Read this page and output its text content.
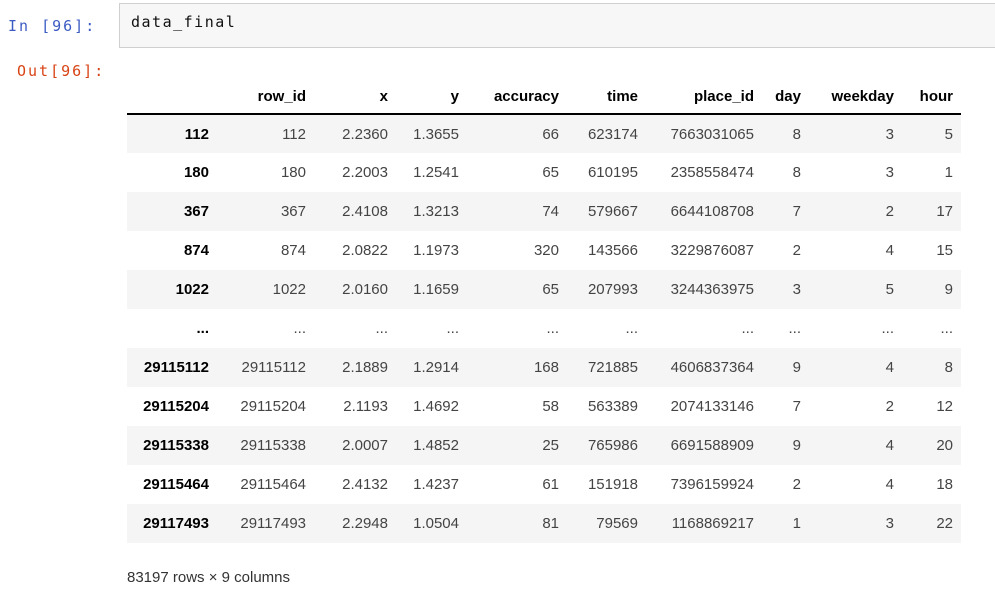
In [96]:	data_final
Out[96]:
	row_id	x	y	accuracy	time	place_id	day	weekday	hour
112	112	2.2360	1.3655	66	623174	7663031065	8	3	5
180	180	2.2003	1.2541	65	610195	2358558474	8	3	1
367	367	2.4108	1.3213	74	579667	6644108708	7	2	17
874	874	2.0822	1.1973	320	143566	3229876087	2	4	15
1022	1022	2.0160	1.1659	65	207993	3244363975	3	5	9
...	...	...	...	...	...	...	...	...	...
29115112	29115112	2.1889	1.2914	168	721885	4606837364	9	4	8
29115204	29115204	2.1193	1.4692	58	563389	2074133146	7	2	12
29115338	29115338	2.0007	1.4852	25	765986	6691588909	9	4	20
29115464	29115464	2.4132	1.4237	61	151918	7396159924	2	4	18
29117493	29117493	2.2948	1.0504	81	79569	1168869217	1	3	22

83197 rows × 9 columns
